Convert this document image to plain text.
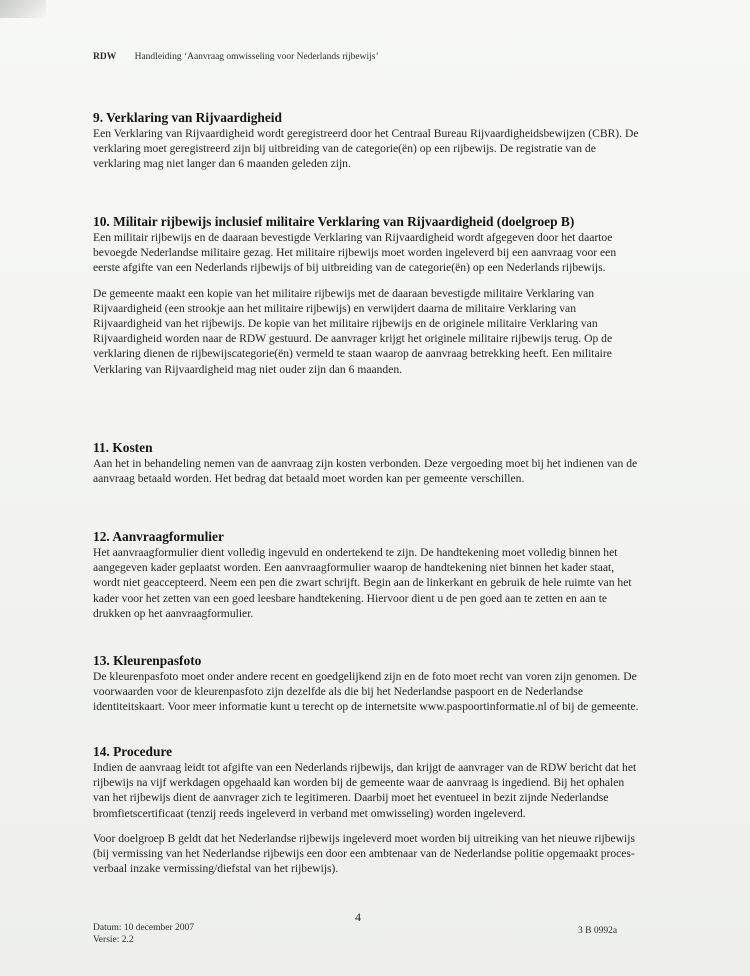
RDW Handleiding ‘Aanvraag omwisseling voor Nederlands rijbewijs’
9. Verklaring van Rijvaardigheid

Een Verklaring van Rijvaardigheid wordt geregistreerd door het Centraal Bureau Rijvaardigheidsbewijzen (CBR). De verklaring moet geregistreerd zijn bij uitbreiding van de categorie(ën) op een rijbewijs. De registratie van de verklaring mag niet langer dan 6 maanden geleden zijn.

10. Militair rijbewijs inclusief militaire Verklaring van Rijvaardigheid (doelgroep B)

Een militair rijbewijs en de daaraan bevestigde Verklaring van Rijvaardigheid wordt afgegeven door het daartoe bevoegde Nederlandse militaire gezag. Het militaire rijbewijs moet worden ingeleverd bij een aanvraag voor een eerste afgifte van een Nederlands rijbewijs of bij uitbreiding van de categorie(ën) op een Nederlands rijbewijs.

De gemeente maakt een kopie van het militaire rijbewijs met de daaraan bevestigde militaire Verklaring van Rijvaardigheid (een strookje aan het militaire rijbewijs) en verwijdert daarna de militaire Verklaring van Rijvaardigheid van het rijbewijs. De kopie van het militaire rijbewijs en de originele militaire Verklaring van Rijvaardigheid worden naar de RDW gestuurd. De aanvrager krijgt het originele militaire rijbewijs terug. Op de verklaring dienen de rijbewijscategorie(ën) vermeld te staan waarop de aanvraag betrekking heeft. Een militaire Verklaring van Rijvaardigheid mag niet ouder zijn dan 6 maanden.

11. Kosten

Aan het in behandeling nemen van de aanvraag zijn kosten verbonden. Deze vergoeding moet bij het indienen van de aanvraag betaald worden. Het bedrag dat betaald moet worden kan per gemeente verschillen.

12. Aanvraagformulier

Het aanvraagformulier dient volledig ingevuld en ondertekend te zijn. De handtekening moet volledig binnen het aangegeven kader geplaatst worden. Een aanvraagformulier waarop de handtekening niet binnen het kader staat, wordt niet geaccepteerd. Neem een pen die zwart schrijft. Begin aan de linkerkant en gebruik de hele ruimte van het kader voor het zetten van een goed leesbare handtekening. Hiervoor dient u de pen goed aan te zetten en aan te drukken op het aanvraagformulier.

13. Kleurenpasfoto

De kleurenpasfoto moet onder andere recent en goedgelijkend zijn en de foto moet recht van voren zijn genomen. De voorwaarden voor de kleurenpasfoto zijn dezelfde als die bij het Nederlandse paspoort en de Nederlandse identiteitskaart. Voor meer informatie kunt u terecht op de internetsite www.paspoortinformatie.nl of bij de gemeente.

14. Procedure

Indien de aanvraag leidt tot afgifte van een Nederlands rijbewijs, dan krijgt de aanvrager van de RDW bericht dat het rijbewijs na vijf werkdagen opgehaald kan worden bij de gemeente waar de aanvraag is ingediend. Bij het ophalen van het rijbewijs dient de aanvrager zich te legitimeren. Daarbij moet het eventueel in bezit zijnde Nederlandse bromfietscertificaat (tenzij reeds ingeleverd in verband met omwisseling) worden ingeleverd.

Voor doelgroep B geldt dat het Nederlandse rijbewijs ingeleverd moet worden bij uitreiking van het nieuwe rijbewijs (bij vermissing van het Nederlandse rijbewijs een door een ambtenaar van de Nederlandse politie opgemaakt proces-verbaal inzake vermissing/diefstal van het rijbewijs).

4
Datum: 10 december 2007
Versie: 2.2
3 B 0992a
